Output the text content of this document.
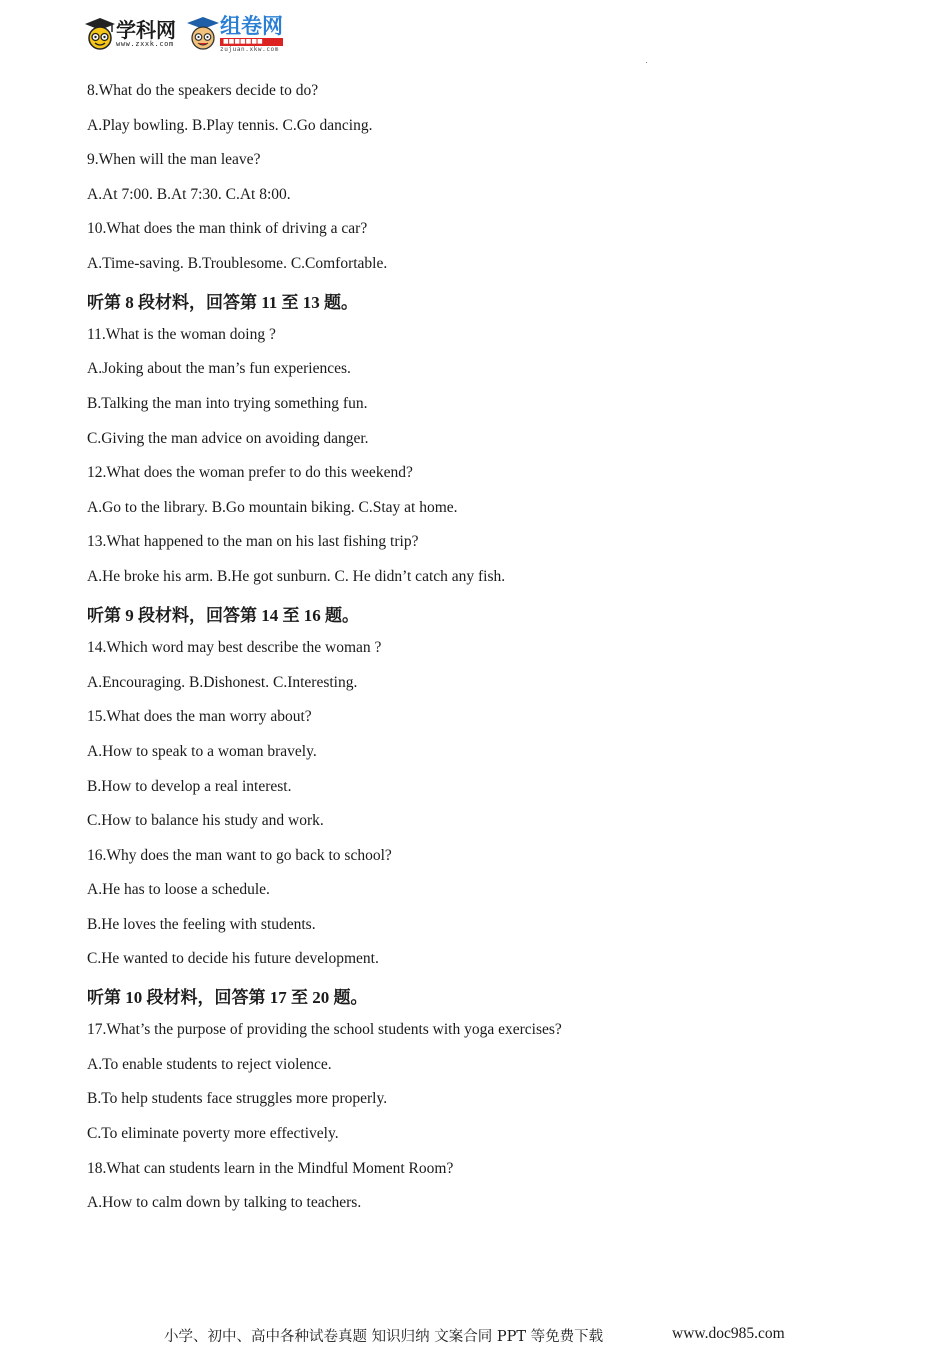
学科网
www.zxxk.com
组卷网
■■■■■■■
zujuan.xkw.com
8.What do the speakers decide to do?
A.Play bowling. B.Play tennis. C.Go dancing.
9.When will the man leave?
A.At 7:00. B.At 7:30. C.At 8:00.
10.What does the man think of driving a car?
A.Time-saving. B.Troublesome. C.Comfortable.
听第 8 段材料，回答第 11 至 13 题。
11.What is the woman doing ?
A.Joking about the man’s fun experiences.
B.Talking the man into trying something fun.
C.Giving the man advice on avoiding danger.
12.What does the woman prefer to do this weekend?
A.Go to the library. B.Go mountain biking. C.Stay at home.
13.What happened to the man on his last fishing trip?
A.He broke his arm. B.He got sunburn. C. He didn’t catch any fish.
听第 9 段材料，回答第 14 至 16 题。
14.Which word may best describe the woman ?
A.Encouraging. B.Dishonest. C.Interesting.
15.What does the man worry about?
A.How to speak to a woman bravely.
B.How to develop a real interest.
C.How to balance his study and work.
16.Why does the man want to go back to school?
A.He has to loose a schedule.
B.He loves the feeling with students.
C.He wanted to decide his future development.
听第 10 段材料，回答第 17 至 20 题。
17.What’s the purpose of providing the school students with yoga exercises?
A.To enable students to reject violence.
B.To help students face struggles more properly.
C.To eliminate poverty more effectively.
18.What can students learn in the Mindful Moment Room?
A.How to calm down by talking to teachers.
小学、初中、高中各种试卷真题 知识归纳 文案合同 PPT 等免费下载	www.doc985.com
